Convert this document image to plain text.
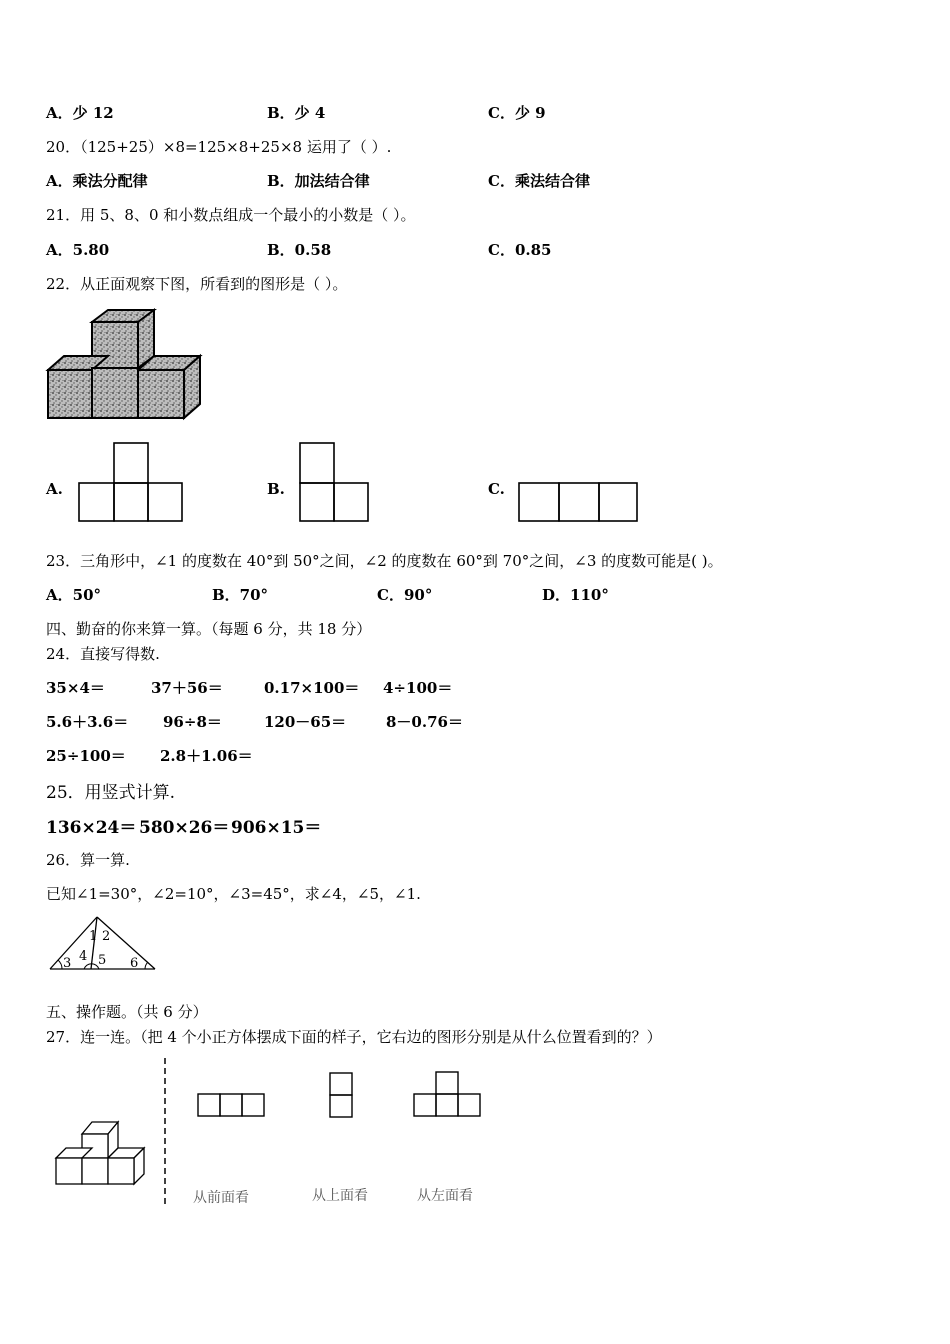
A．少 12	B．少 4	C．少 9
20．（125+25）×8=125×8+25×8 运用了（ ）.
A．乘法分配律	B．加法结合律	C．乘法结合律
21．用 5、8、0 和小数点组成一个最小的小数是（ ）。
A．5.80	B．0.58	C．0.85
22．从正面观察下图，所看到的图形是（ ）。
A.	B.	C.
23．三角形中，∠1 的度数在 40°到 50°之间，∠2 的度数在 60°到 70°之间，∠3 的度数可能是( )。
A．50°	B．70°	C．90°	D．110°
四、勤奋的你来算一算。（每题 6 分，共 18 分）
24．直接写得数.
35×4＝	37＋56＝	0.17×100＝ 4÷100＝
5.6＋3.6＝ 96÷8＝	120－65＝	8－0.76＝
25÷100＝ 2.8＋1.06＝
25．用竖式计算.
136×24＝ 580×26＝ 906×15＝
26．算一算.
已知∠1=30°，∠2=10°，∠3=45°，求∠4，∠5，∠1.
1 2
3 4 5 6
五、操作题。（共 6 分）
27．连一连。（把 4 个小正方体摆成下面的样子，它右边的图形分别是从什么位置看到的？）
从前面看	从上面看	从左面看
